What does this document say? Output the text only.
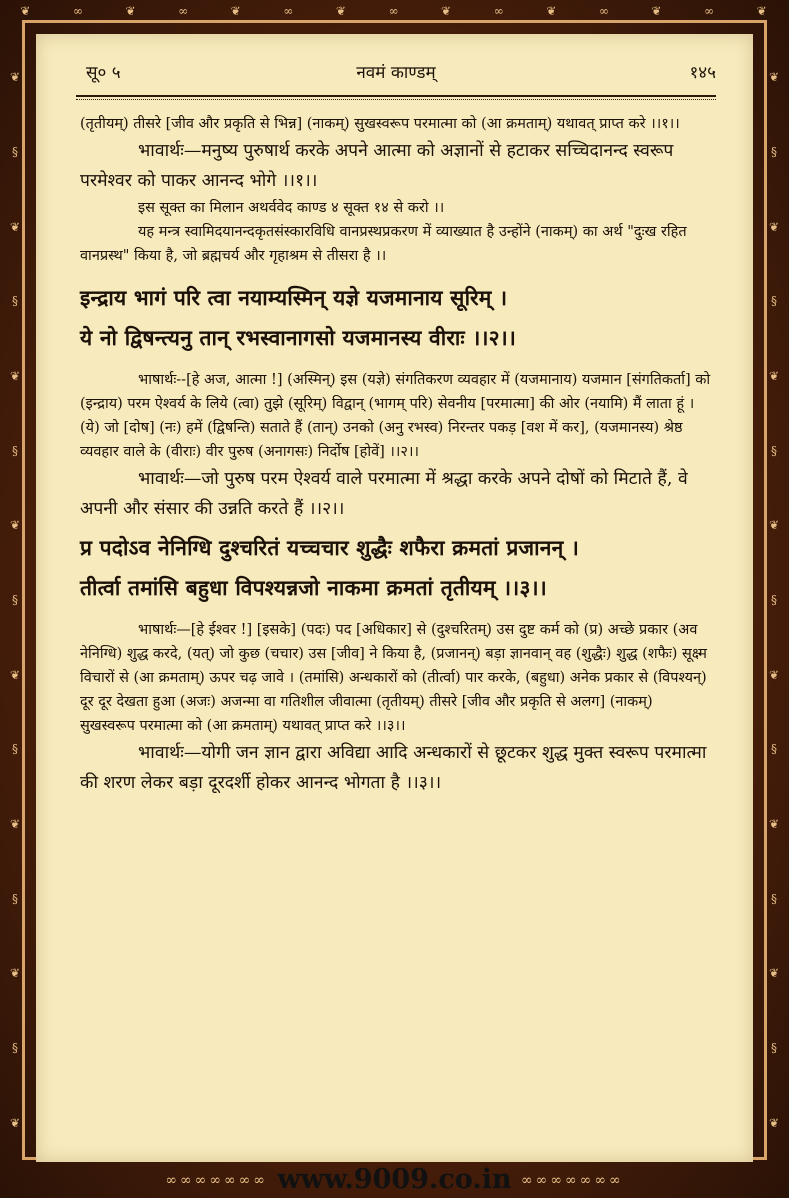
❦	∞	❦	∞	❦	∞	❦	∞	❦	∞	❦	∞	❦	∞	❦
❦
§
❦
§
❦
§
❦
§
❦
§
❦
§
❦
§
❦
❦
§
❦
§
❦
§
❦
§
❦
§
❦
§
❦
§
❦
सू० ५	नवमं काण्डम्	१४५

(तृतीयम्) तीसरे [जीव और प्रकृति से भिन्न] (नाकम्) सुखस्वरूप परमात्मा को (आ क्रमताम्) यथावत् प्राप्त करे ।।१।।

भावार्थः—मनुष्य पुरुषार्थ करके अपने आत्मा को अज्ञानों से हटाकर सच्चिदानन्द स्वरूप परमेश्वर को पाकर आनन्द भोगे ।।१।।

इस सूक्त का मिलान अथर्ववेद काण्ड ४ सूक्त १४ से करो ।।

यह मन्त्र स्वामिदयानन्दकृतसंस्कारविधि वानप्रस्थप्रकरण में व्याख्यात है उन्होंने (नाकम्) का अर्थ "दुःख रहित वानप्रस्थ" किया है, जो ब्रह्मचर्य और गृहाश्रम से तीसरा है ।।

इन्द्राय भागं परि त्वा नयाम्यस्मिन् यज्ञे यजमानाय सूरिम् ।

ये नो द्विषन्त्यनु तान् रभस्वानागसो यजमानस्य वीराः ।।२।।

भाषार्थः--[हे अज, आत्मा !] (अस्मिन्) इस (यज्ञे) संगतिकरण व्यवहार में (यजमानाय) यजमान [संगतिकर्ता] को (इन्द्राय) परम ऐश्वर्य के लिये (त्वा) तुझे (सूरिम्) विद्वान् (भागम् परि) सेवनीय [परमात्मा] की ओर (नयामि) मैं लाता हूं । (ये) जो [दोष] (नः) हमें (द्विषन्ति) सताते हैं (तान्) उनको (अनु रभस्व) निरन्तर पकड़ [वश में कर], (यजमानस्य) श्रेष्ठ व्यवहार वाले के (वीराः) वीर पुरुष (अनागसः) निर्दोष [होवें] ।।२।।

भावार्थः—जो पुरुष परम ऐश्वर्य वाले परमात्मा में श्रद्धा करके अपने दोषों को मिटाते हैं, वे अपनी और संसार की उन्नति करते हैं ।।२।।

प्र पदोऽव नेनिग्धि दुश्चरितं यच्चचार शुद्धैः शफैरा क्रमतां प्रजानन् ।

तीर्त्वा तमांसि बहुधा विपश्यन्नजो नाकमा क्रमतां तृतीयम् ।।३।।

भाषार्थः—[हे ईश्वर !] [इसके] (पदः) पद [अधिकार] से (दुश्चरितम्) उस दुष्ट कर्म को (प्र) अच्छे प्रकार (अव नेनिग्धि) शुद्ध करदे, (यत्) जो कुछ (चचार) उस [जीव] ने किया है, (प्रजानन्) बड़ा ज्ञानवान् वह (शुद्धैः) शुद्ध (शफैः) सूक्ष्म विचारों से (आ क्रमताम्) ऊपर चढ़ जावे । (तमांसि) अन्धकारों को (तीर्त्वा) पार करके, (बहुधा) अनेक प्रकार से (विपश्यन्) दूर दूर देखता हुआ (अजः) अजन्मा वा गतिशील जीवात्मा (तृतीयम्) तीसरे [जीव और प्रकृति से अलग] (नाकम्) सुखस्वरूप परमात्मा को (आ क्रमताम्) यथावत् प्राप्त करे ।।३।।

भावार्थः—योगी जन ज्ञान द्वारा अविद्या आदि अन्धकारों से छूटकर शुद्ध मुक्त स्वरूप परमात्मा की शरण लेकर बड़ा दूरदर्शी होकर आनन्द भोगता है ।।३।।

∞∞∞∞∞∞∞ www.9009.co.in ∞∞∞∞∞∞∞
